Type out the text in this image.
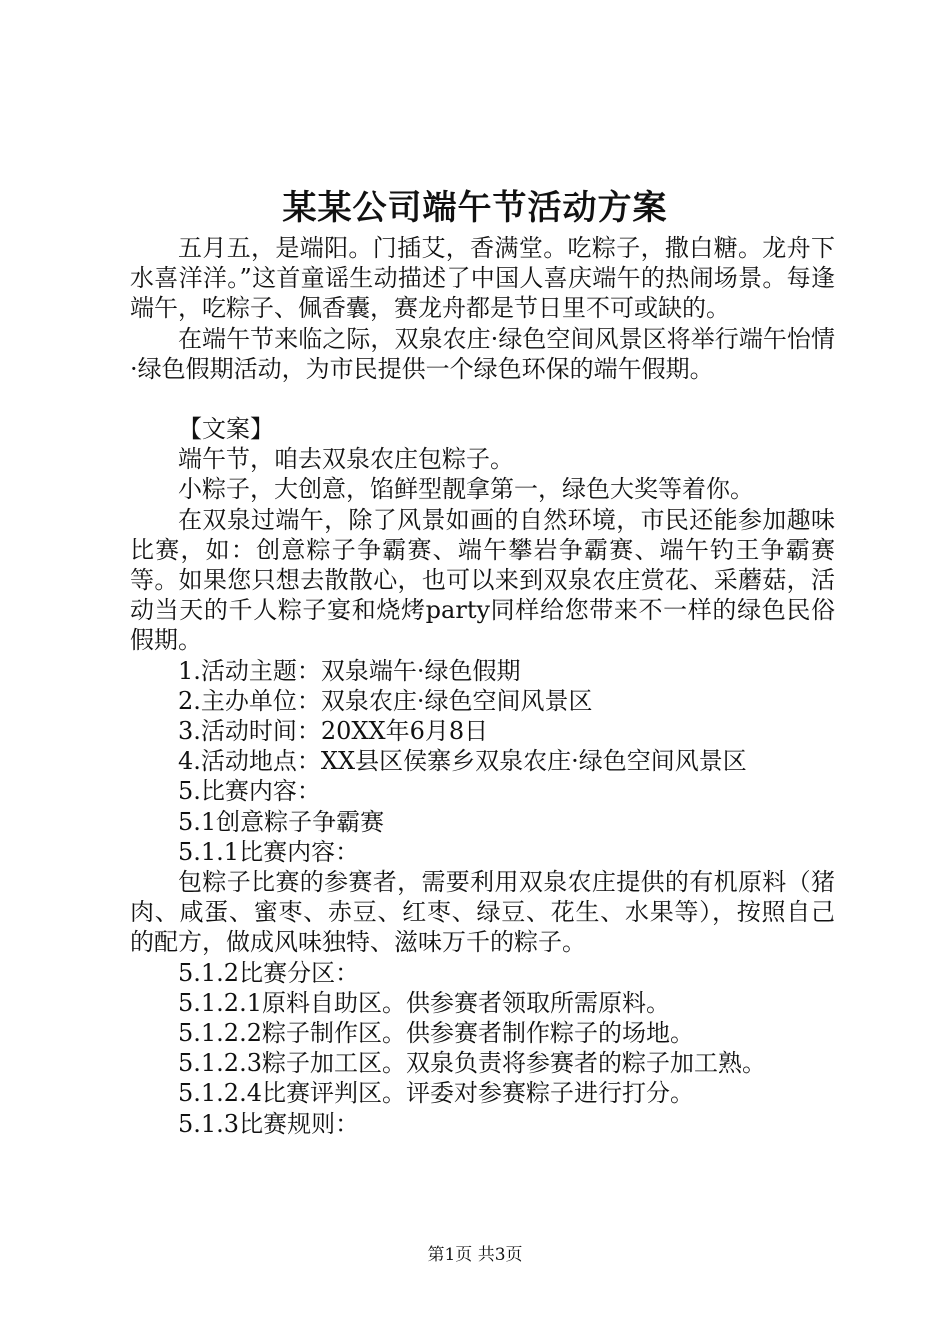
某某公司端午节活动方案

五月五，是端阳。门插艾，香满堂。吃粽子，撒白糖。龙舟下水喜洋洋。”这首童谣生动描述了中国人喜庆端午的热闹场景。每逢端午，吃粽子、佩香囊，赛龙舟都是节日里不可或缺的。

在端午节来临之际，双泉农庄·绿色空间风景区将举行端午怡情·绿色假期活动，为市民提供一个绿色环保的端午假期。

【文案】

端午节，咱去双泉农庄包粽子。

小粽子，大创意，馅鲜型靓拿第一，绿色大奖等着你。

在双泉过端午，除了风景如画的自然环境，市民还能参加趣味比赛，如：创意粽子争霸赛、端午攀岩争霸赛、端午钓王争霸赛等。如果您只想去散散心，也可以来到双泉农庄赏花、采蘑菇，活动当天的千人粽子宴和烧烤party同样给您带来不一样的绿色民俗假期。

1.活动主题：双泉端午·绿色假期

2.主办单位：双泉农庄·绿色空间风景区

3.活动时间：20XX年6月8日

4.活动地点：XX县区侯寨乡双泉农庄·绿色空间风景区

5.比赛内容：

5.1创意粽子争霸赛

5.1.1比赛内容：

包粽子比赛的参赛者，需要利用双泉农庄提供的有机原料（猪肉、咸蛋、蜜枣、赤豆、红枣、绿豆、花生、水果等），按照自己的配方，做成风味独特、滋味万千的粽子。

5.1.2比赛分区：

5.1.2.1原料自助区。供参赛者领取所需原料。

5.1.2.2粽子制作区。供参赛者制作粽子的场地。

5.1.2.3粽子加工区。双泉负责将参赛者的粽子加工熟。

5.1.2.4比赛评判区。评委对参赛粽子进行打分。

5.1.3比赛规则：

第1页 共3页
